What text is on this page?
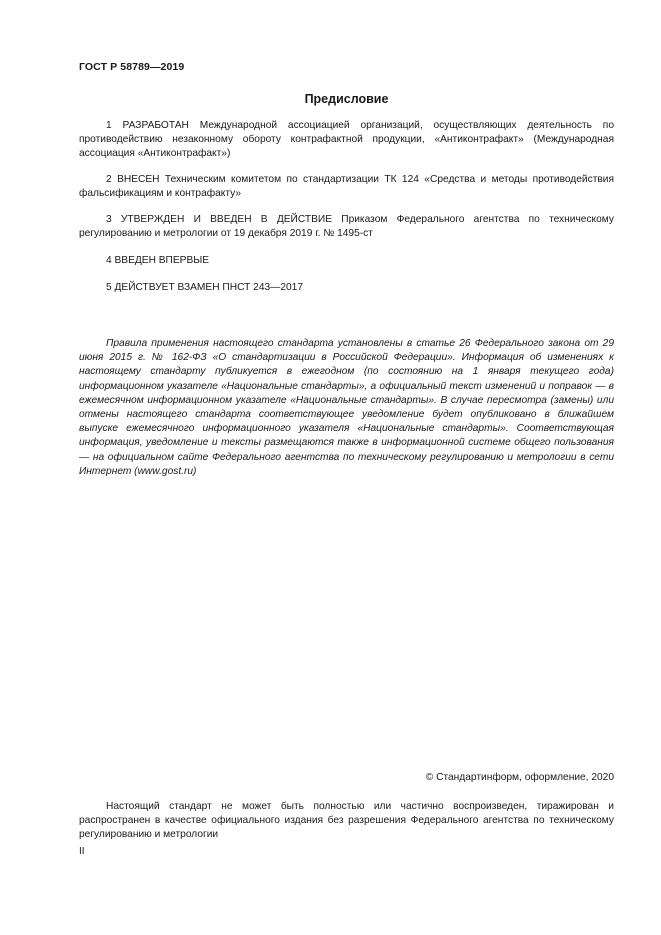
ГОСТ Р 58789—2019
Предисловие

1 РАЗРАБОТАН Международной ассоциацией организаций, осуществляющих деятельность по противодействию незаконному обороту контрафактной продукции, «Антиконтрафакт» (Международная ассоциация «Антиконтрафакт»)

2 ВНЕСЕН Техническим комитетом по стандартизации ТК 124 «Средства и методы противодействия фальсификациям и контрафакту»

3 УТВЕРЖДЕН И ВВЕДЕН В ДЕЙСТВИЕ Приказом Федерального агентства по техническому регулированию и метрологии от 19 декабря 2019 г. № 1495-ст

4 ВВЕДЕН ВПЕРВЫЕ

5 ДЕЙСТВУЕТ ВЗАМЕН ПНСТ 243—2017

Правила применения настоящего стандарта установлены в статье 26 Федерального закона от 29 июня 2015 г. № 162-ФЗ «О стандартизации в Российской Федерации». Информация об изменениях к настоящему стандарту публикуется в ежегодном (по состоянию на 1 января текущего года) информационном указателе «Национальные стандарты», а официальный текст изменений и поправок — в ежемесячном информационном указателе «Национальные стандарты». В случае пересмотра (замены) или отмены настоящего стандарта соответствующее уведомление будет опубликовано в ближайшем выпуске ежемесячного информационного указателя «Национальные стандарты». Соответствующая информация, уведомление и тексты размещаются также в информационной системе общего пользования — на официальном сайте Федерального агентства по техническому регулированию и метрологии в сети Интернет (www.gost.ru)

© Стандартинформ, оформление, 2020

Настоящий стандарт не может быть полностью или частично воспроизведен, тиражирован и распространен в качестве официального издания без разрешения Федерального агентства по техническому регулированию и метрологии

II
